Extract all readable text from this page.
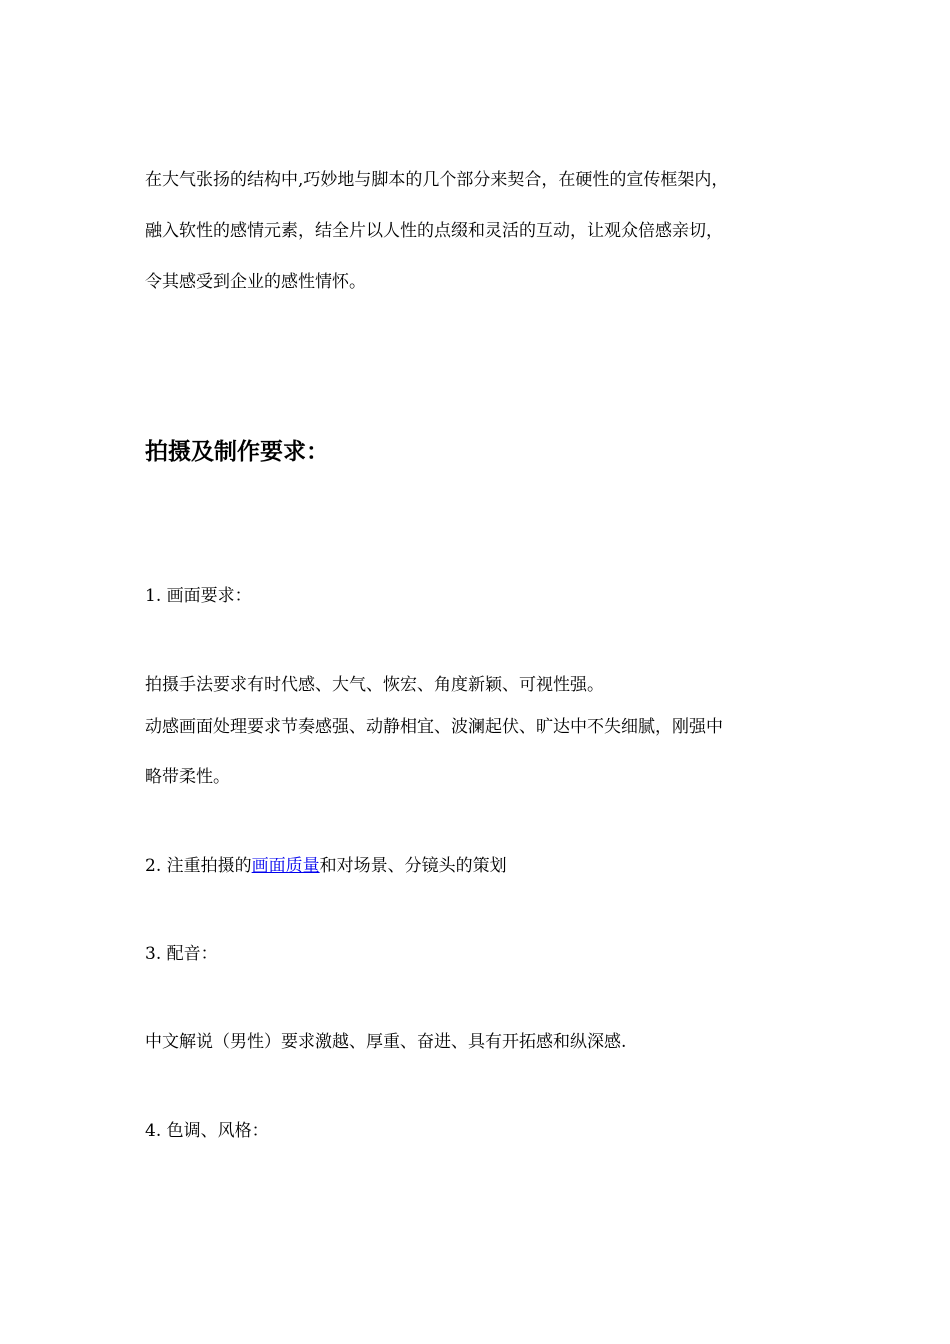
在大气张扬的结构中,巧妙地与脚本的几个部分来契合，在硬性的宣传框架内，
融入软性的感情元素，结全片以人性的点缀和灵活的互动，让观众倍感亲切，
令其感受到企业的感性情怀。
拍摄及制作要求：
1. 画面要求：
拍摄手法要求有时代感、大气、恢宏、角度新颖、可视性强。
动感画面处理要求节奏感强、动静相宜、波澜起伏、旷达中不失细腻，刚强中
略带柔性。
2. 注重拍摄的画面质量和对场景、分镜头的策划
3. 配音：
中文解说（男性）要求激越、厚重、奋进、具有开拓感和纵深感.
4. 色调、风格：
